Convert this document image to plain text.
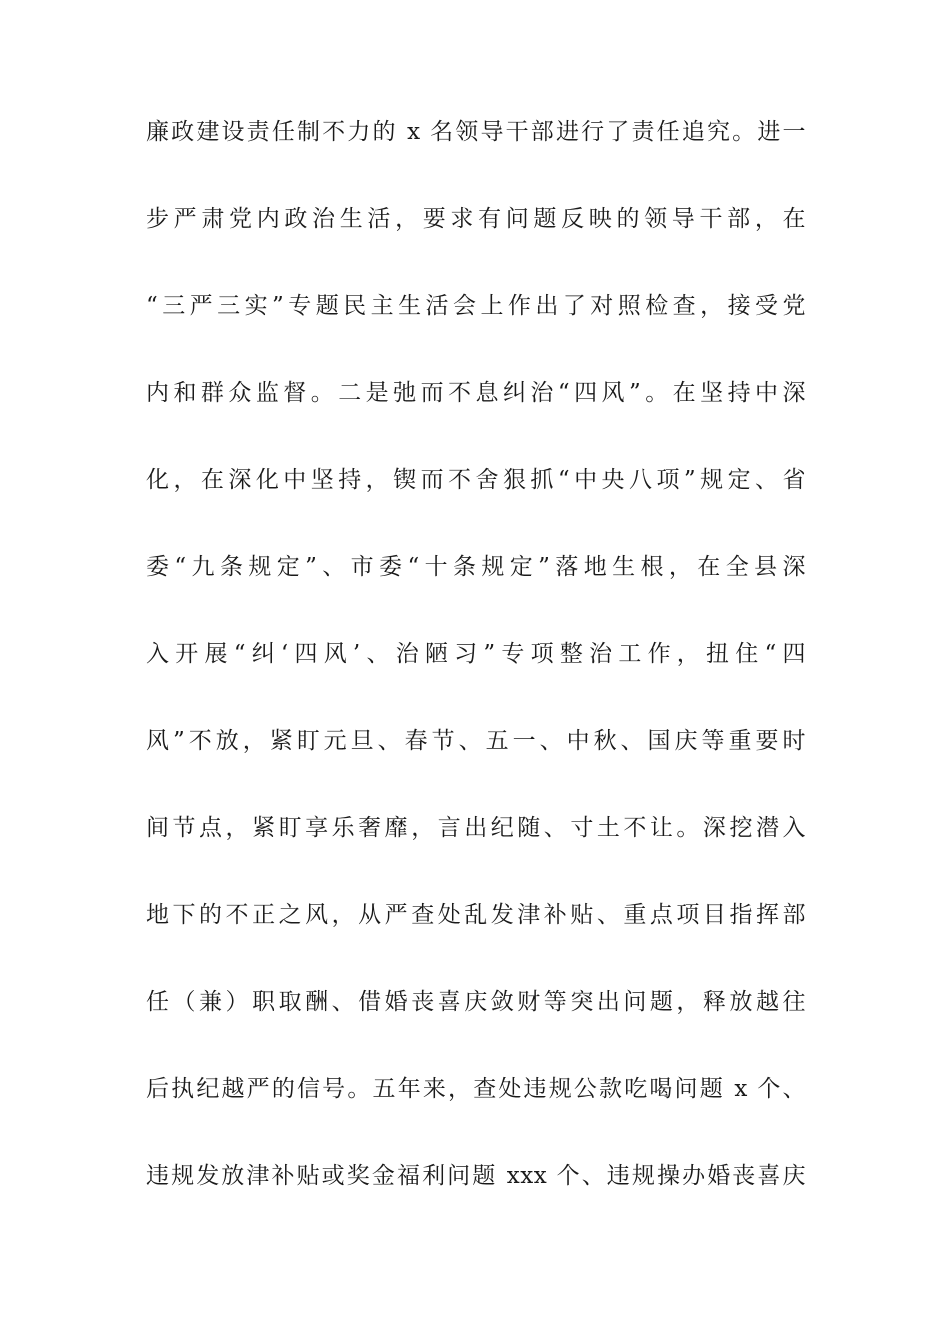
廉政建设责任制不力的 x 名领导干部进行了责任追究。进一
步严肃党内政治生活，要求有问题反映的领导干部，在
“三严三实”专题民主生活会上作出了对照检查，接受党
内和群众监督。二是弛而不息纠治“四风”。在坚持中深
化，在深化中坚持，锲而不舍狠抓“中央八项”规定、省
委“九条规定”、市委“十条规定”落地生根，在全县深
入开展“纠‘四风’、治陋习”专项整治工作，扭住“四
风”不放，紧盯元旦、春节、五一、中秋、国庆等重要时
间节点，紧盯享乐奢靡，言出纪随、寸土不让。深挖潜入
地下的不正之风，从严查处乱发津补贴、重点项目指挥部
任（兼）职取酬、借婚丧喜庆敛财等突出问题，释放越往
后执纪越严的信号。五年来，查处违规公款吃喝问题 x 个、
违规发放津补贴或奖金福利问题 xxx 个、违规操办婚丧喜庆
